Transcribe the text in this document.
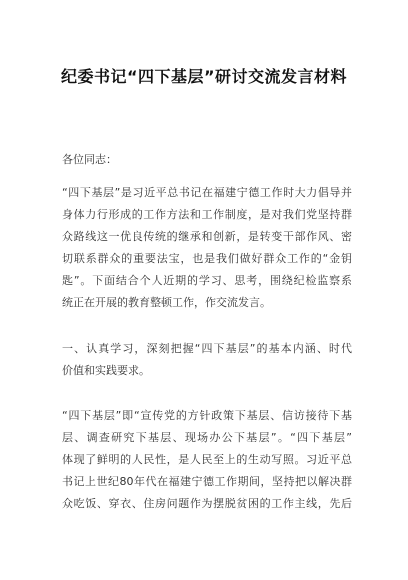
纪委书记“四下基层”研讨交流发言材料

各位同志：

“四下基层”是习近平总书记在福建宁德工作时大力倡导并
身体力行形成的工作方法和工作制度，是对我们党坚持群
众路线这一优良传统的继承和创新，是转变干部作风、密
切联系群众的重要法宝，也是我们做好群众工作的“金钥
匙”。下面结合个人近期的学习、思考，围绕纪检监察系
统正在开展的教育整顿工作，作交流发言。
一、认真学习，深刻把握“四下基层”的基本内涵、时代
价值和实践要求。
“四下基层”即“宣传党的方针政策下基层、信访接待下基
层、调查研究下基层、现场办公下基层”。“四下基层”
体现了鲜明的人民性，是人民至上的生动写照。习近平总
书记上世纪80年代在福建宁德工作期间，坚持把以解决群
众吃饭、穿衣、住房问题作为摆脱贫困的工作主线，先后
